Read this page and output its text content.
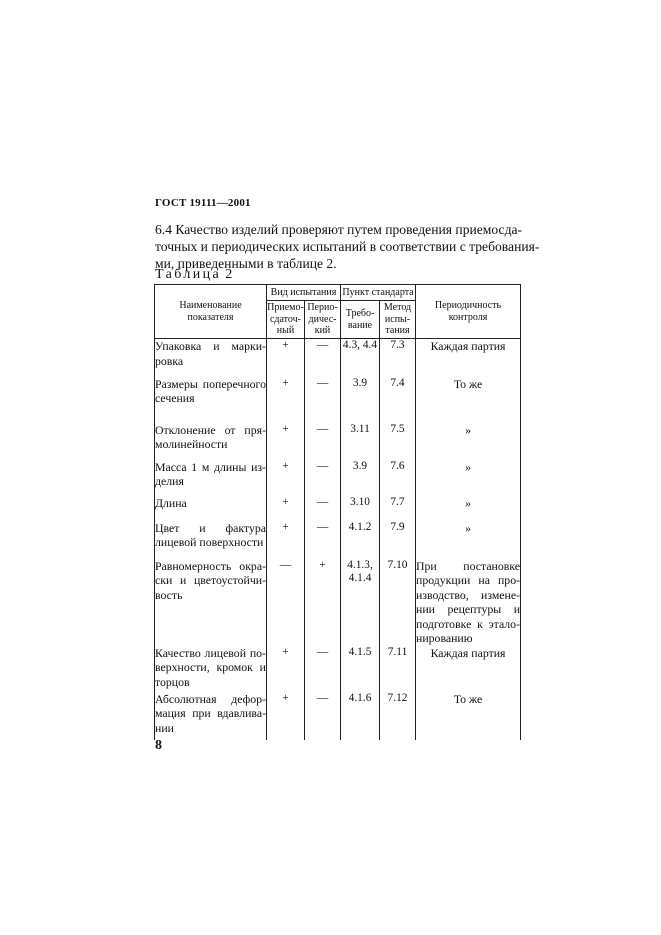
ГОСТ 19111—2001
6.4 Качество изделий проверяют путем проведения приемосда-
точных и периодических испытаний в соответствии с требования-
ми, приведенными в таблице 2.
Таблица 2
Наименование показателя	Вид испытания		Пункт стандарта		Периодичность контроля
	Приемо-сдаточ-ный	Перио-дичес-кий	Требо-вание	Метод испы-тания	
Упаковка и марки-ровка	+	—	4.3, 4.4	7.3	Каждая партия
Размеры поперечного сечения	+	—	3.9	7.4	То же
Отклонение от пря-молинейности	+	—	3.11	7.5	»
Масса 1 м длины из-делия	+	—	3.9	7.6	»
Длина	+	—	3.10	7.7	»
Цвет и фактура лицевой поверхности	+	—	4.1.2	7.9	»
Равномерность окра-ски и цветоустойчи-вость	—	+	4.1.3, 4.1.4	7.10	При постановке продукции на про-изводство, измене-нии рецептуры и подготовке к этало-нированию
Качество лицевой по-верхности, кромок и торцов	+	—	4.1.5	7.11	Каждая партия
Абсолютная дефор-мация при вдавлива-нии	+	—	4.1.6	7.12	То же
8
